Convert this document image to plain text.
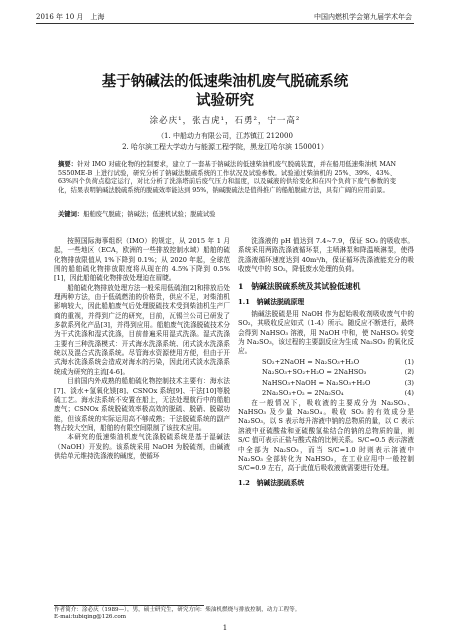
2016 年 10 月　上海	中国内燃机学会第九届学术年会
基于钠碱法的低速柴油机废气脱硫系统
试验研究
涂必庆¹，张吉虎¹，石勇²，宁一高²
（1. 中船动力有限公司，江苏镇江 212000
2. 哈尔滨工程大学动力与能源工程学院，黑龙江哈尔滨 150001）
摘要：针对 IMO 对硫化物的控制要求，建立了一套基于钠碱法的低速柴油机废气脱硫装置，并在船用低速柴油机 MAN 5S50ME-B 上进行试验，研究分析了钠碱法脱硫系统的工作状况及试验参数。试验通过柴油机的 25%、39%、43%、63%四个负荷点稳定运行，对比分析了洗涤塔前后废气压力和温度，以及碱液的供给变化和在四个负荷下废气参数的变化，结果表明钠碱法脱硫系统的脱硫效率能达到 95%，钠碱脱硫法是值得推广的船舶脱硫方法，具有广阔的应用前景。
关键词：船舶废气脱硫；钠碱法；低速机试验；脱硫试验

按照国际海事组织（IMO）的规定，从 2015 年 1 月起，一些地区（ECA，欧洲的一些排放控制水域）船舶的硫化物排放限值从 1%下降到 0.1%；从 2020 年起，全球范围的船舶硫化物排放限度将从现在的 4.5%下降到 0.5%[1]，因此船舶硫化物排放处理迫在眉睫。

船舶硫化物排放处理方法一般采用低硫油[2]和排放后处理两种方法，由于低硫燃油的价格贵，供应不足，对柴油机影响较大，因此船舶废气后处理脱硫技术受到柴油机生产厂商的重视，并得到广泛的研究，目前，瓦锡兰公司已研发了多款系列化产品[3]，并得到应用。船舶废气洗涤脱硫技术分为干式洗涤和湿式洗涤，目前普遍采用湿式洗涤。湿式洗涤主要有三种洗涤模式：开式海水洗涤系统、闭式淡水洗涤系统以及混合式洗涤系统。尽管海水资源使用方便，但由于开式海水洗涤系统会造成对海水的污染，因此闭式淡水洗涤系统成为研究的主流[4-6]。

目前国内外成熟的船舶硫化物控制技术主要有：海水法[7]、淡水+氢氧化镁[8]、CSNOx 系统[9]、干法[10]等脱硫工艺。海水法系统不安置在船上，无法处理航行中的船舶废气；CSNOx 系统脱硫效率极高效的脱硫、脱硝、脱碳功能，但该系统的实际运用高不够成熟；干法脱硫系统的副产物占较大空间，船舶的有限空间限制了该技术应用。

本研究的低速柴油机废气洗涤脱硫系统是基于湿碱法（NaOH）开发的。该系统采用 NaOH 为脱硫剂，由碱液供给单元维持洗涤液的碱度，使循环

洗涤液的 pH 值达到 7.4~7.9，保证 SO₂ 的吸收率。系统采用两路洗涤液循环泵，主喷淋泵和降温喷淋泵，使得洗涤液循环速度达到 40m³/h，保证循环洗涤液能充分的吸收废气中的 SO₂，降低废水处理的负荷。

1　钠碱法脱硫系统及其试验低速机

1.1　钠碱法脱硫原理

钠碱法脱硫是用 NaOH 作为起始吸收剂吸收废气中的 SO₂，其吸收反应如式（1-4）所示。随反应不断进行，最终会得到 NaHSO₃ 溶液，用 NaOH 中和，使 NaHSO₃ 转变为 Na₂SO₃，该过程的主要副反应为生成 Na₂SO₃ 的氧化反应。

SO₂+2NaOH = Na₂SO₃+H₂O	(1)
Na₂SO₃+SO₂+H₂O = 2NaHSO₃	(2)
NaHSO₃+NaOH = Na₂SO₃+H₂O	(3)
2Na₂SO₃+O₂ = 2Na₂SO₄	(4)

在一般情况下，吸收液的主要成分为 Na₂SO₃、NaHSO₃ 及少量 Na₂SO₄。吸收 SO₂ 的有效成分是 Na₂SO₃，以 S 表示每升溶液中钠的总物质的量，以 C 表示溶液中亚硫酸盐和亚硫酸氢盐结合的钠的总物质的量，则 S/C 值可表示正盐与酸式盐的比例关系。S/C=0.5 表示溶液中全部为 Na₂SO₃，而当 S/C=1.0 时则表示溶液中 Na₂SO₃ 全部转化为 NaHSO₃，在工业应用中一般控制 S/C=0.9 左右，高于此值后吸收液就需要进行处理。

1.2　钠碱法脱硫系统

作者简介：涂必庆（1989—），男，硕士研究生，研究方向：柴油机燃烧与排放控制，动力工程等。
E-mai:tubiqing@126.com
1
